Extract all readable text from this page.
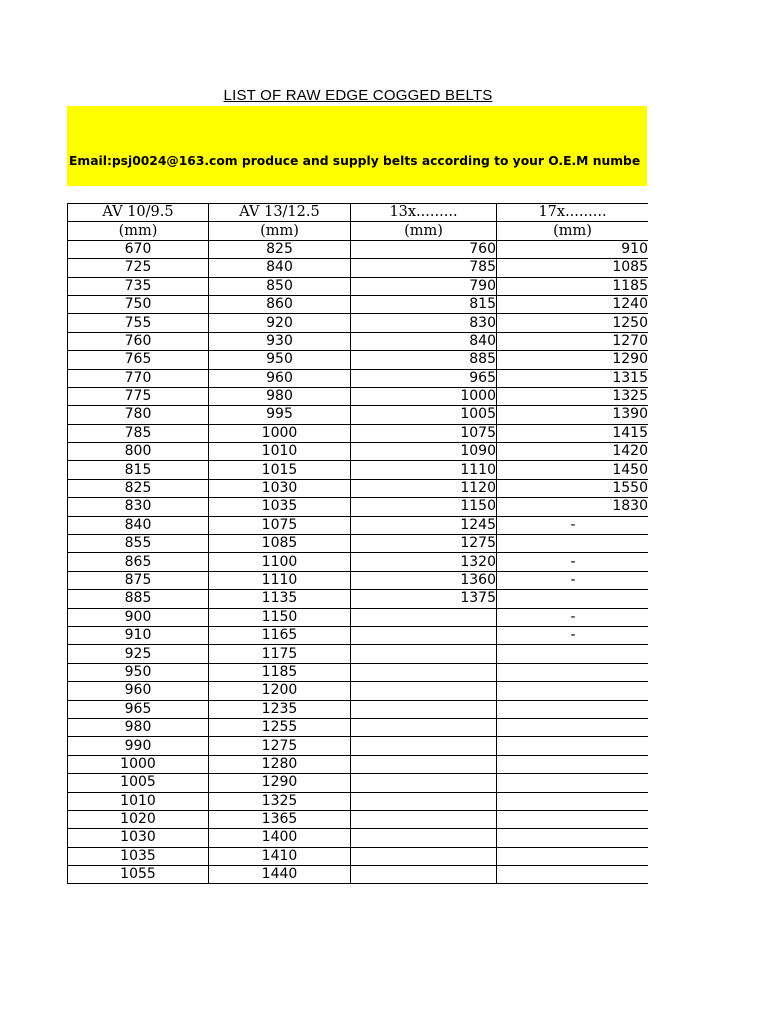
LIST OF RAW EDGE COGGED BELTS

Email:psj0024@163.com produce and supply belts according to your O.E.M numbe

AV 10/9.5	AV 13/12.5	13x.........	17x.........
(mm)	(mm)	(mm)	(mm)
670	825	760	910
725	840	785	1085
735	850	790	1185
750	860	815	1240
755	920	830	1250
760	930	840	1270
765	950	885	1290
770	960	965	1315
775	980	1000	1325
780	995	1005	1390
785	1000	1075	1415
800	1010	1090	1420
815	1015	1110	1450
825	1030	1120	1550
830	1035	1150	1830
840	1075	1245	-
855	1085	1275	
865	1100	1320	-
875	1110	1360	-
885	1135	1375	
900	1150		-
910	1165		-
925	1175		
950	1185		
960	1200		
965	1235		
980	1255		
990	1275		
1000	1280		
1005	1290		
1010	1325		
1020	1365		
1030	1400		
1035	1410		
1055	1440		
